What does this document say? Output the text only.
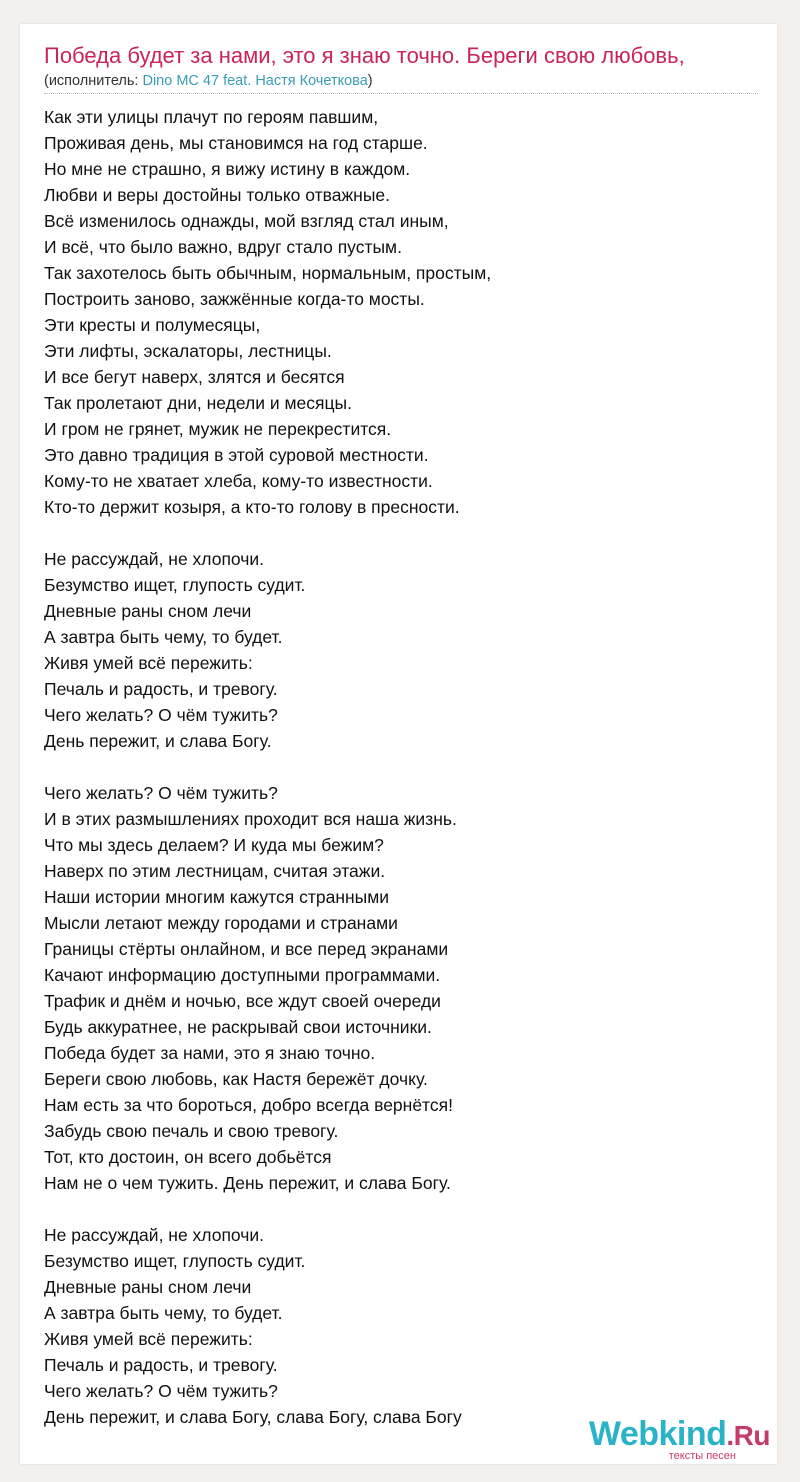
Победа будет за нами, это я знаю точно. Береги свою любовь,
(исполнитель: Dino MC 47 feat. Настя Кочеткова)
Как эти улицы плачут по героям павшим,
Проживая день, мы становимся на год старше.
Но мне не страшно, я вижу истину в каждом.
Любви и веры достойны только отважные.
Всё изменилось однажды, мой взгляд стал иным,
И всё, что было важно, вдруг стало пустым.
Так захотелось быть обычным, нормальным, простым,
Построить заново, зажжённые когда-то мосты.
Эти кресты и полумесяцы,
Эти лифты, эскалаторы, лестницы.
И все бегут наверх, злятся и бесятся
Так пролетают дни, недели и месяцы.
И гром не грянет, мужик не перекрестится.
Это давно традиция в этой суровой местности.
Кому-то не хватает хлеба, кому-то известности.
Кто-то держит козыря, а кто-то голову в пресности.
Не рассуждай, не хлопочи.
Безумство ищет, глупость судит.
Дневные раны сном лечи
А завтра быть чему, то будет.
Живя умей всё пережить:
Печаль и радость, и тревогу.
Чего желать? О чём тужить?
День пережит, и слава Богу.
Чего желать? О чём тужить?
И в этих размышлениях проходит вся наша жизнь.
Что мы здесь делаем? И куда мы бежим?
Наверх по этим лестницам, считая этажи.
Наши истории многим кажутся странными
Мысли летают между городами и странами
Границы стёрты онлайном, и все перед экранами
Качают информацию доступными программами.
Трафик и днём и ночью, все ждут своей очереди
Будь аккуратнее, не раскрывай свои источники.
Победа будет за нами, это я знаю точно.
Береги свою любовь, как Настя бережёт дочку.
Нам есть за что бороться, добро всегда вернётся!
Забудь свою печаль и свою тревогу.
Тот, кто достоин, он всего добьётся
Нам не о чем тужить. День пережит, и слава Богу.
Не рассуждай, не хлопочи.
Безумство ищет, глупость судит.
Дневные раны сном лечи
А завтра быть чему, то будет.
Живя умей всё пережить:
Печаль и радость, и тревогу.
Чего желать? О чём тужить?
День пережит, и слава Богу, слава Богу, слава Богу	Webkind.Ru
тексты песен
